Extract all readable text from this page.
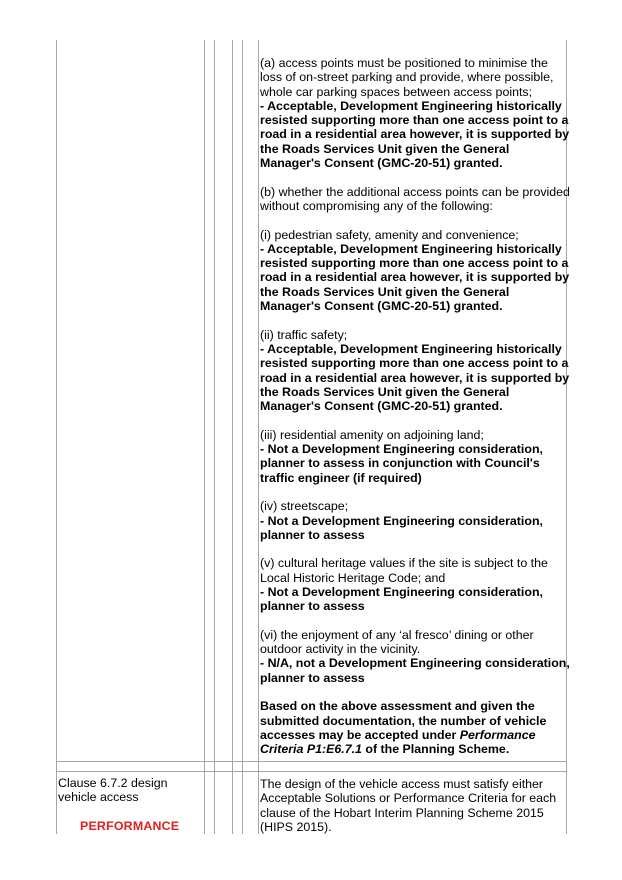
(a) access points must be positioned to minimise the loss of on-street parking and provide, where possible, whole car parking spaces between access points;
- Acceptable, Development Engineering historically resisted supporting more than one access point to a road in a residential area however, it is supported by the Roads Services Unit given the General Manager's Consent (GMC-20-51) granted.

(b) whether the additional access points can be provided without compromising any of the following:

(i) pedestrian safety, amenity and convenience;
- Acceptable, Development Engineering historically resisted supporting more than one access point to a road in a residential area however, it is supported by the Roads Services Unit given the General Manager's Consent (GMC-20-51) granted.

(ii) traffic safety;
- Acceptable, Development Engineering historically resisted supporting more than one access point to a road in a residential area however, it is supported by the Roads Services Unit given the General Manager's Consent (GMC-20-51) granted.

(iii) residential amenity on adjoining land;
- Not a Development Engineering consideration, planner to assess in conjunction with Council's traffic engineer (if required)

(iv) streetscape;
- Not a Development Engineering consideration, planner to assess

(v) cultural heritage values if the site is subject to the Local Historic Heritage Code; and
- Not a Development Engineering consideration, planner to assess

(vi) the enjoyment of any ‘al fresco’ dining or other outdoor activity in the vicinity.
- N/A, not a Development Engineering consideration, planner to assess

Based on the above assessment and given the submitted documentation, the number of vehicle accesses may be accepted under Performance Criteria P1:E6.7.1 of the Planning Scheme.

Clause 6.7.2 design vehicle access
PERFORMANCE
The design of the vehicle access must satisfy either Acceptable Solutions or Performance Criteria for each clause of the Hobart Interim Planning Scheme 2015 (HIPS 2015).
